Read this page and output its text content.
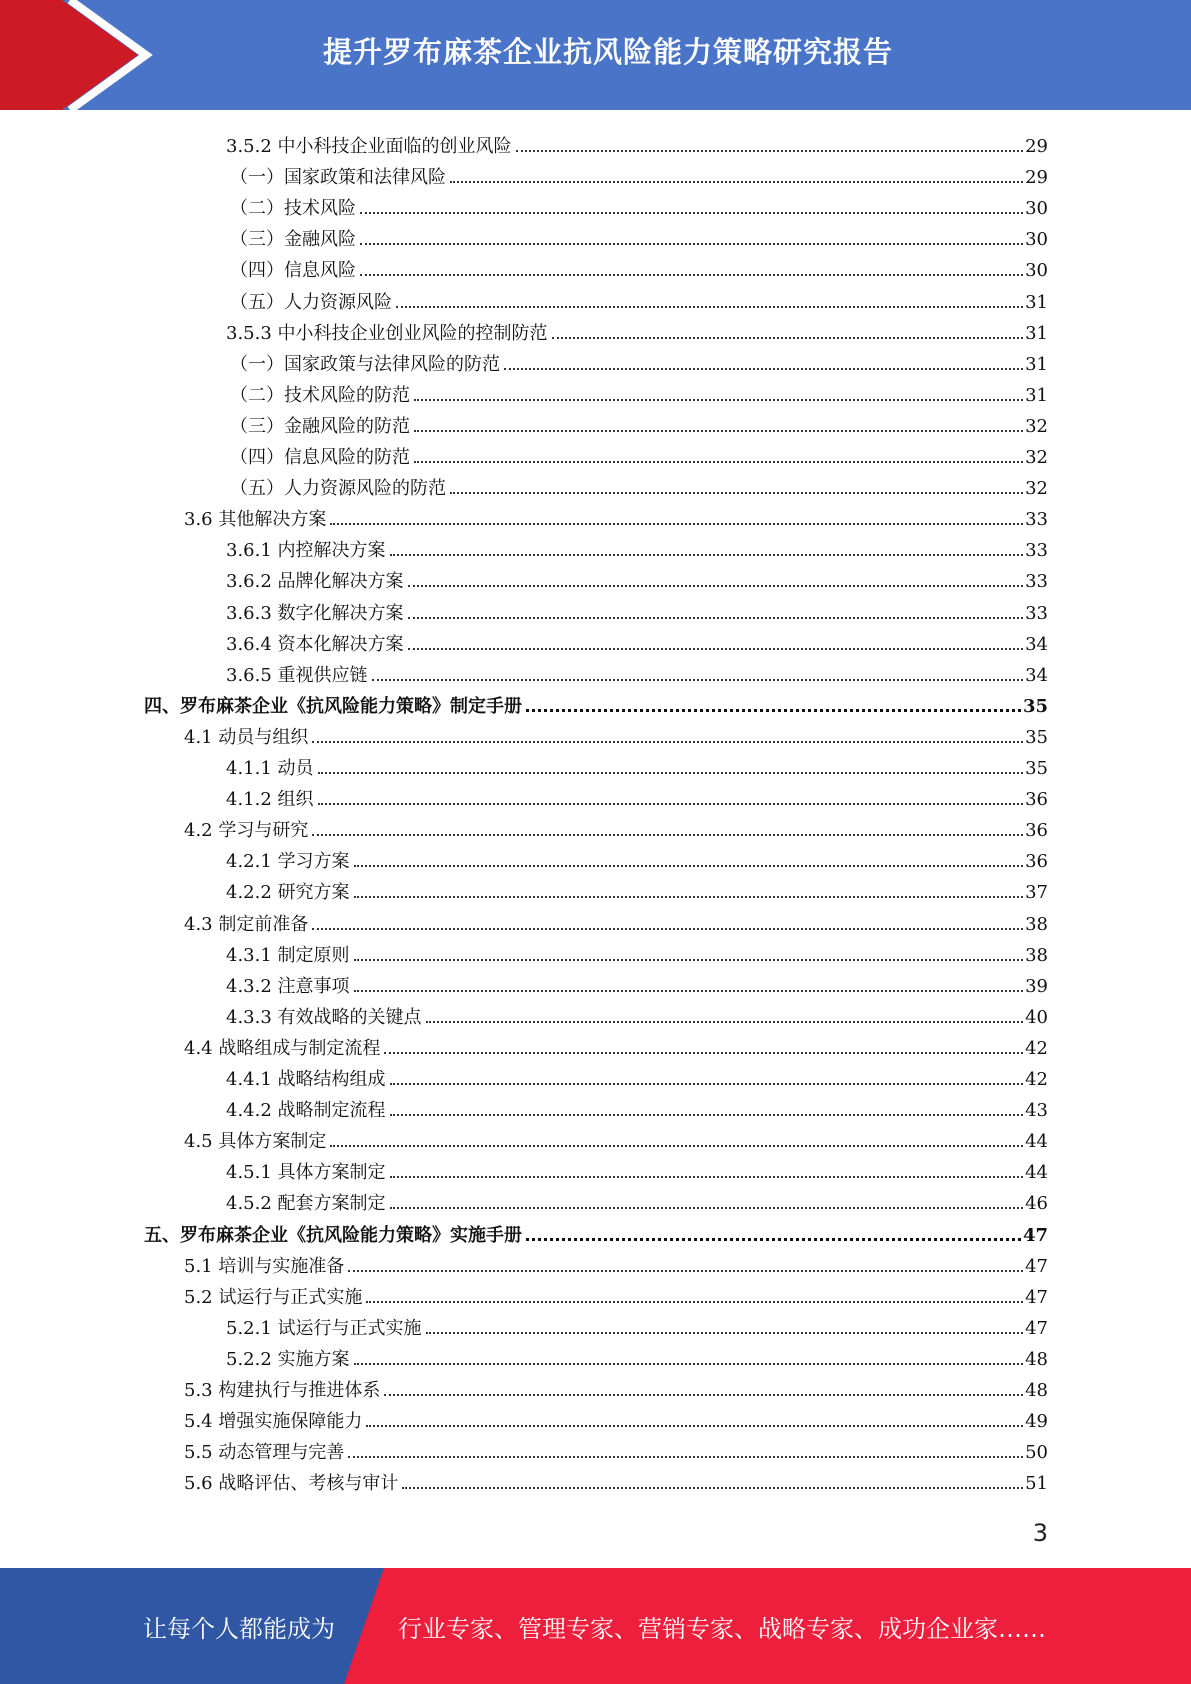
提升罗布麻茶企业抗风险能力策略研究报告
3.5.2 中小科技企业面临的创业风险	29
（一）国家政策和法律风险	29
（二）技术风险	30
（三）金融风险	30
（四）信息风险	30
（五）人力资源风险	31
3.5.3 中小科技企业创业风险的控制防范	31
（一）国家政策与法律风险的防范	31
（二）技术风险的防范	31
（三）金融风险的防范	32
（四）信息风险的防范	32
（五）人力资源风险的防范	32
3.6 其他解决方案	33
3.6.1 内控解决方案	33
3.6.2 品牌化解决方案	33
3.6.3 数字化解决方案	33
3.6.4 资本化解决方案	34
3.6.5 重视供应链	34
四、罗布麻茶企业《抗风险能力策略》制定手册	35
4.1 动员与组织	35
4.1.1 动员	35
4.1.2 组织	36
4.2 学习与研究	36
4.2.1 学习方案	36
4.2.2 研究方案	37
4.3 制定前准备	38
4.3.1 制定原则	38
4.3.2 注意事项	39
4.3.3 有效战略的关键点	40
4.4 战略组成与制定流程	42
4.4.1 战略结构组成	42
4.4.2 战略制定流程	43
4.5 具体方案制定	44
4.5.1 具体方案制定	44
4.5.2 配套方案制定	46
五、罗布麻茶企业《抗风险能力策略》实施手册	47
5.1 培训与实施准备	47
5.2 试运行与正式实施	47
5.2.1 试运行与正式实施	47
5.2.2 实施方案	48
5.3 构建执行与推进体系	48
5.4 增强实施保障能力	49
5.5 动态管理与完善	50
5.6 战略评估、考核与审计	51
3
让每个人都能成为	行业专家、管理专家、营销专家、战略专家、成功企业家……
